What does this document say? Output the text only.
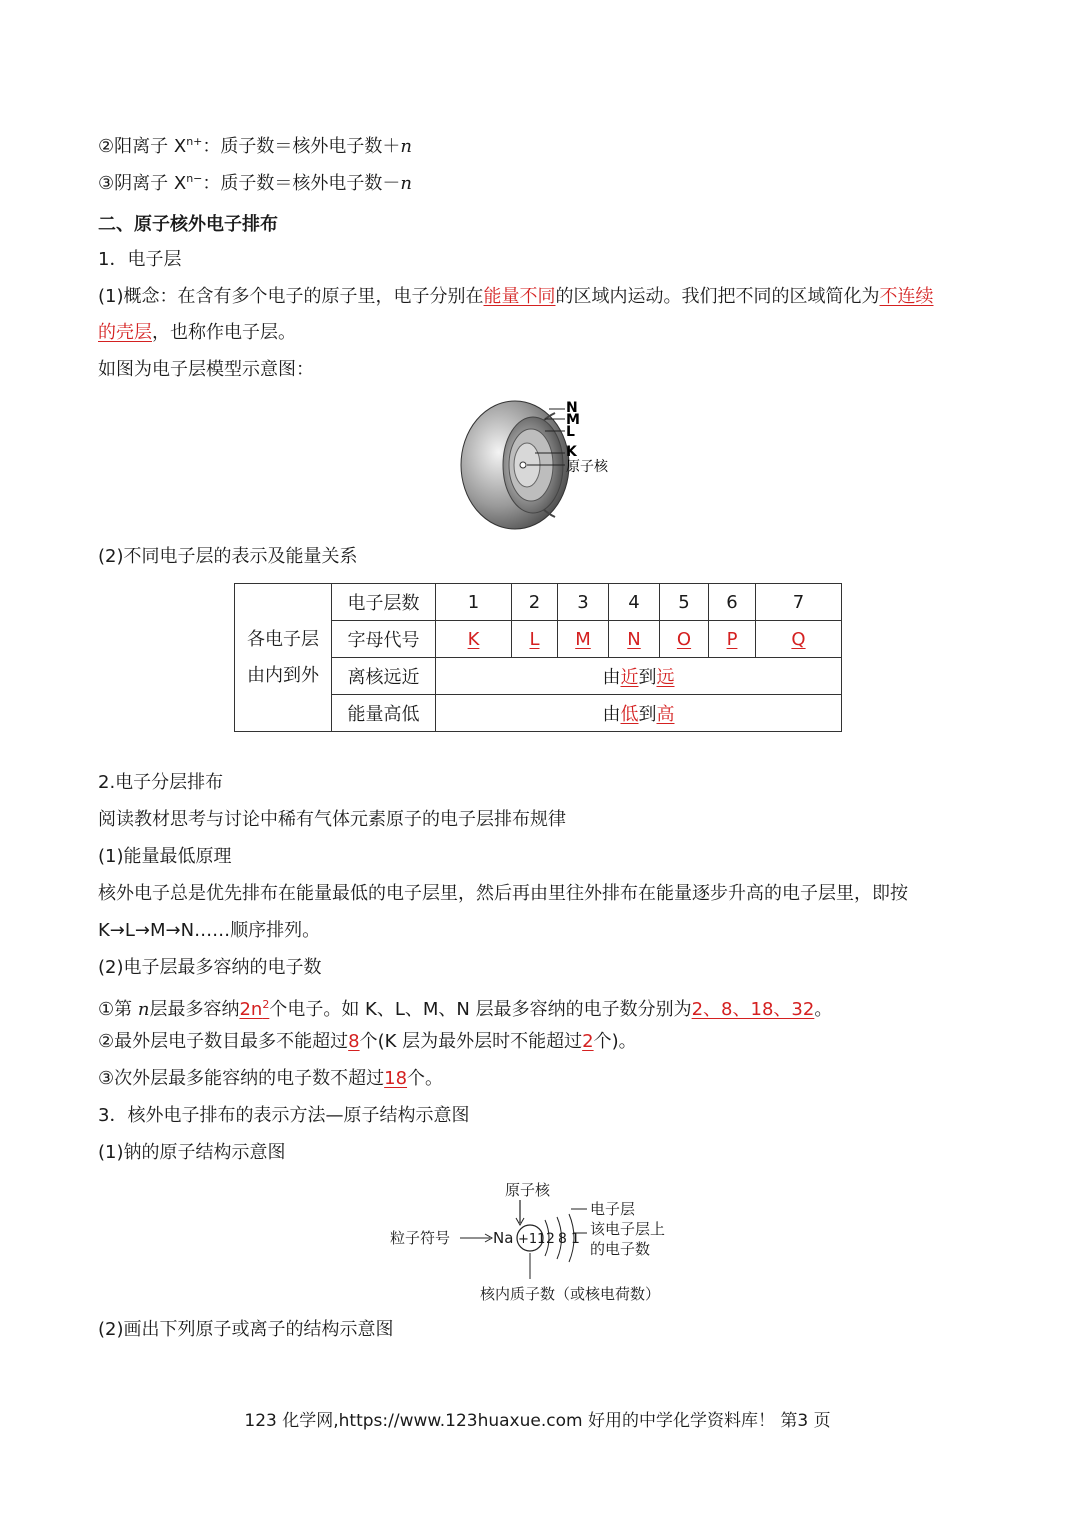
②阳离子 $X^{n+}$：质子数＝核外电子数＋n
③阴离子 $X^{n-}$：质子数＝核外电子数－n
二、原子核外电子排布
1．电子层
(1)概念：在含有多个电子的原子里，电子分别在能量不同的区域内运动。我们把不同的区域简化为不连续
的壳层，也称作电子层。
如图为电子层模型示意图：
N
M
L
K
原子核
(2)不同电子层的表示及能量关系
各电子层
由内到外	电子层数	1	2	3	4	5	6	7
	字母代号	K	L	M	N	O	P	Q
	离核远近	由近到远						
	能量高低	由低到高						
2.电子分层排布
阅读教材思考与讨论中稀有气体元素原子的电子层排布规律
(1)能量最低原理
核外电子总是优先排布在能量最低的电子层里，然后再由里往外排布在能量逐步升高的电子层里，即按
K→L→M→N……顺序排列。
(2)电子层最多容纳的电子数
①第 n层最多容纳$2n^2$个电子。如 K、L、M、N 层最多容纳的电子数分别为2、8、18、32。
②最外层电子数目最多不能超过8个(K 层为最外层时不能超过2个)。
③次外层最多能容纳的电子数不超过18个。
3．核外电子排布的表示方法—原子结构示意图
(1)钠的原子结构示意图
原子核
电子层
该电子层上
的电子数
粒子符号	Na +11 2 8 1
核内质子数（或核电荷数）
(2)画出下列原子或离子的结构示意图
123 化学网,https://www.123huaxue.com 好用的中学化学资料库！ 第3 页
